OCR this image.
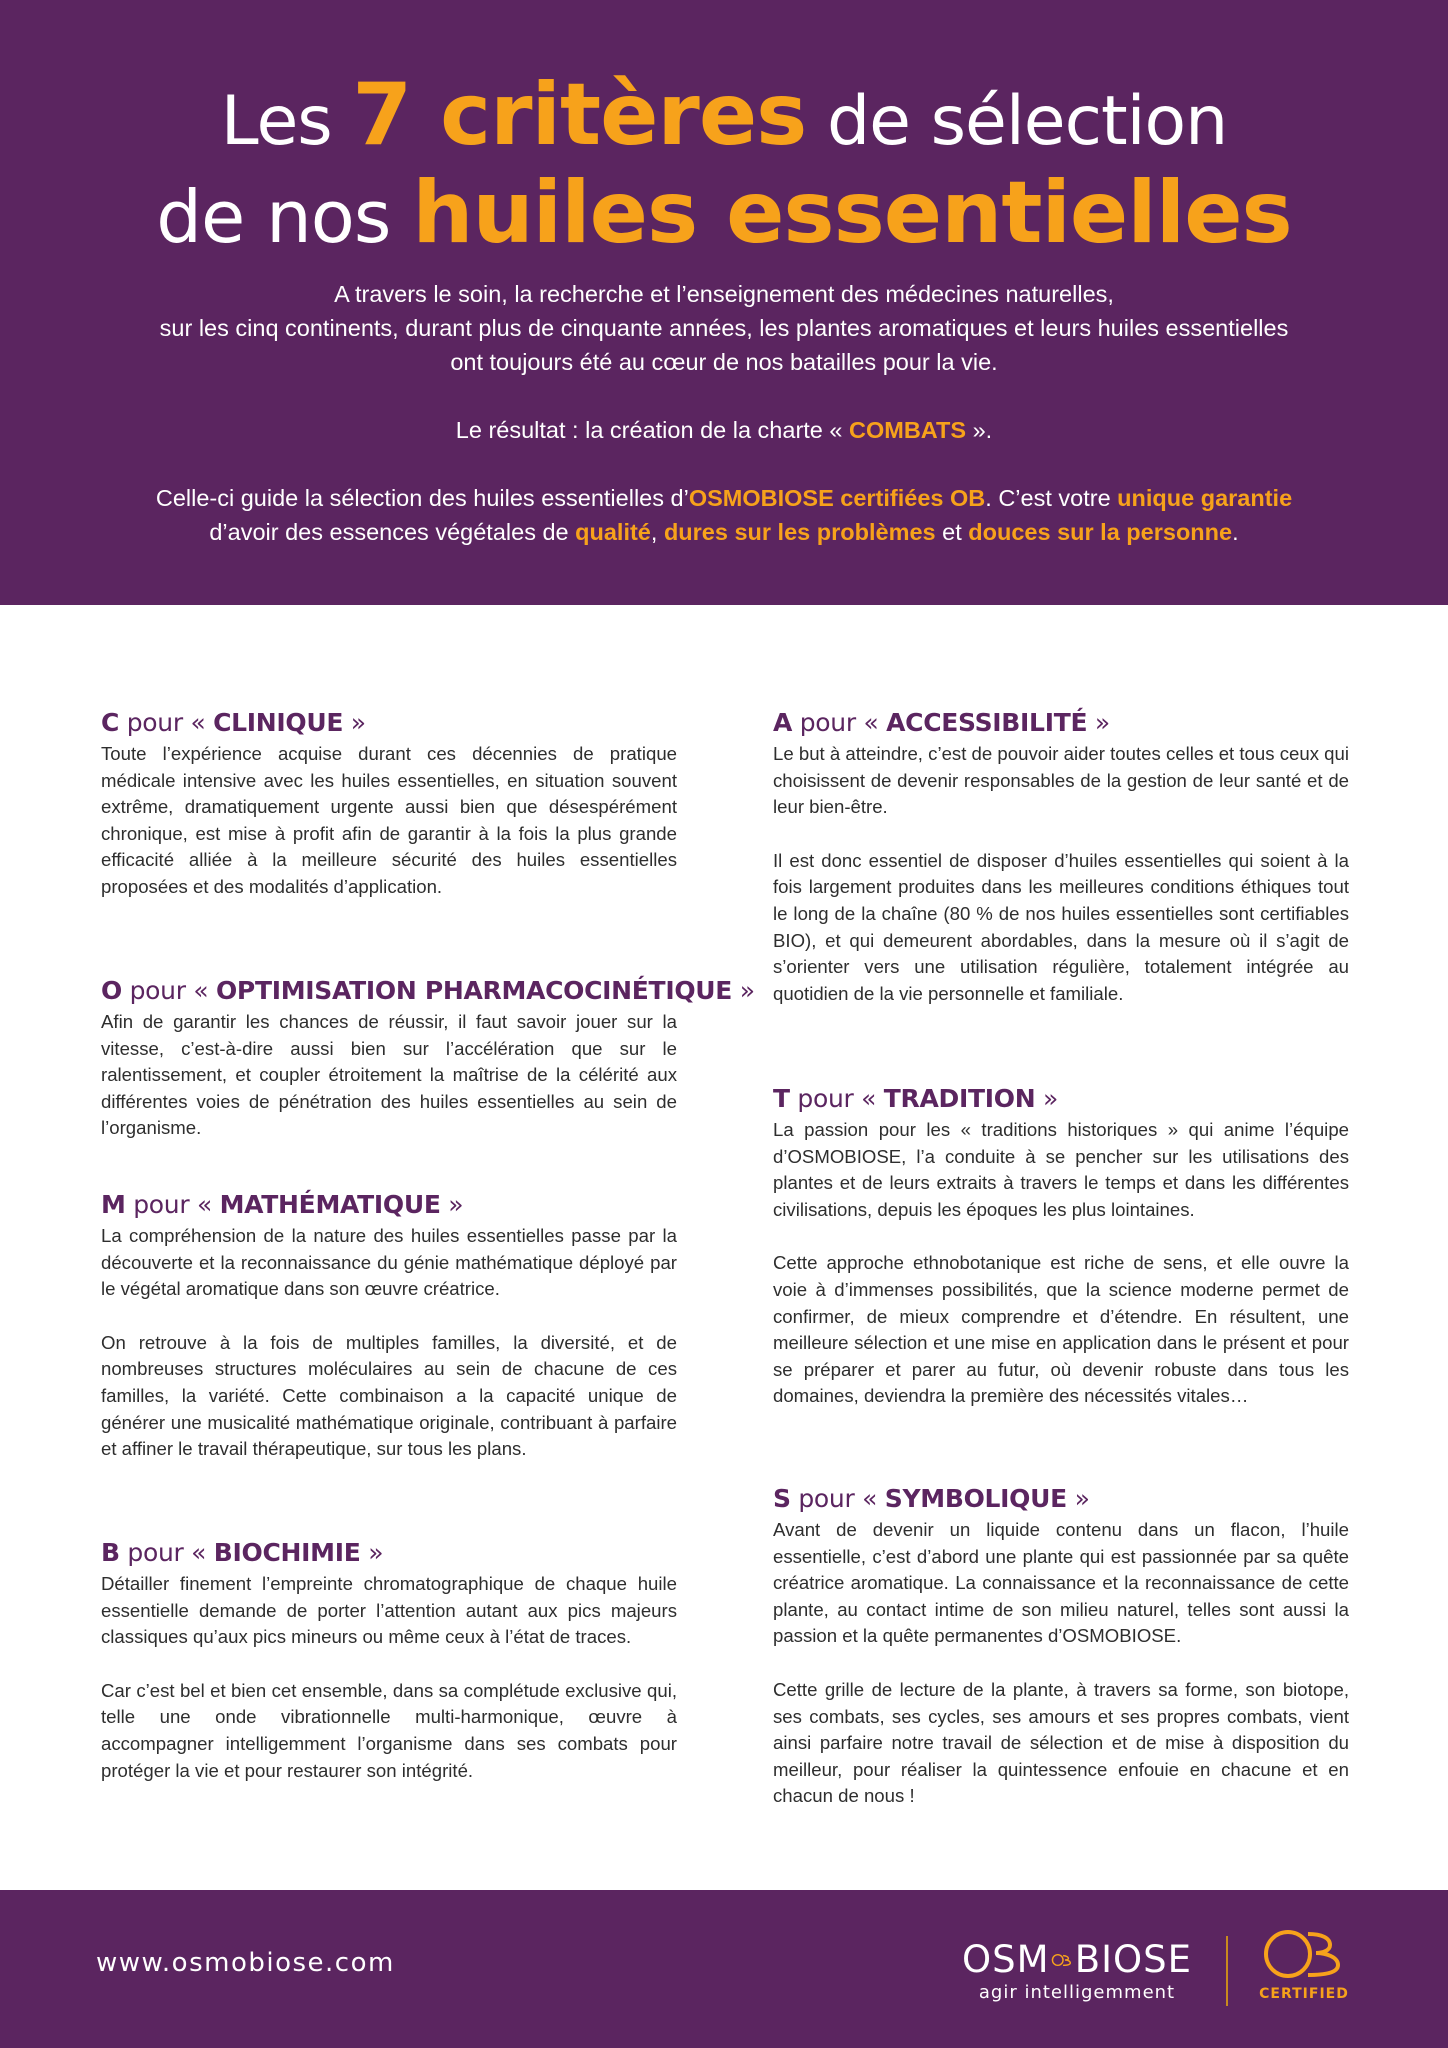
Les 7 critères de sélection
de nos huiles essentielles

A travers le soin, la recherche et l’enseignement des médecines naturelles,

sur les cinq continents, durant plus de cinquante années, les plantes aromatiques et leurs huiles essentielles

ont toujours été au cœur de nos batailles pour la vie.

Le résultat : la création de la charte « COMBATS ».

Celle-ci guide la sélection des huiles essentielles d’OSMOBIOSE certifiées OB. C’est votre unique garantie

d’avoir des essences végétales de qualité, dures sur les problèmes et douces sur la personne.

C pour « CLINIQUE »

Toute l’expérience acquise durant ces décennies de pratique médicale intensive avec les huiles essentielles, en situation souvent extrême, dramatiquement urgente aussi bien que désespérément chronique, est mise à profit afin de garantir à la fois la plus grande efficacité alliée à la meilleure sécurité des huiles essentielles proposées et des modalités d’application.

O pour « OPTIMISATION PHARMACOCINÉTIQUE »

Afin de garantir les chances de réussir, il faut savoir jouer sur la vitesse, c’est-à-dire aussi bien sur l’accélération que sur le ralentissement, et coupler étroitement la maîtrise de la célérité aux différentes voies de pénétration des huiles essentielles au sein de l’organisme.

M pour « MATHÉMATIQUE »

La compréhension de la nature des huiles essentielles passe par la découverte et la reconnaissance du génie mathématique déployé par le végétal aromatique dans son œuvre créatrice.

On retrouve à la fois de multiples familles, la diversité, et de nombreuses structures moléculaires au sein de chacune de ces familles, la variété. Cette combinaison a la capacité unique de générer une musicalité mathématique originale, contribuant à parfaire et affiner le travail thérapeutique, sur tous les plans.

B pour « BIOCHIMIE »

Détailler finement l’empreinte chromatographique de chaque huile essentielle demande de porter l’attention autant aux pics majeurs classiques qu’aux pics mineurs ou même ceux à l’état de traces.

Car c’est bel et bien cet ensemble, dans sa complétude exclusive qui, telle une onde vibrationnelle multi-harmonique, œuvre à accompagner intelligemment l’organisme dans ses combats pour protéger la vie et pour restaurer son intégrité.

A pour « ACCESSIBILITÉ »

Le but à atteindre, c’est de pouvoir aider toutes celles et tous ceux qui choisissent de devenir responsables de la gestion de leur santé et de leur bien-être.

Il est donc essentiel de disposer d’huiles essentielles qui soient à la fois largement produites dans les meilleures conditions éthiques tout le long de la chaîne (80 % de nos huiles essentielles sont certifiables BIO), et qui demeurent abordables, dans la mesure où il s’agit de s’orienter vers une utilisation régulière, totalement intégrée au quotidien de la vie personnelle et familiale.

T pour « TRADITION »

La passion pour les « traditions historiques » qui anime l’équipe d’OSMOBIOSE, l’a conduite à se pencher sur les utilisations des plantes et de leurs extraits à travers le temps et dans les différentes civilisations, depuis les époques les plus lointaines.

Cette approche ethnobotanique est riche de sens, et elle ouvre la voie à d’immenses possibilités, que la science moderne permet de confirmer, de mieux comprendre et d’étendre. En résultent, une meilleure sélection et une mise en application dans le présent et pour se préparer et parer au futur, où devenir robuste dans tous les domaines, deviendra la première des nécessités vitales…

S pour « SYMBOLIQUE »

Avant de devenir un liquide contenu dans un flacon, l’huile essentielle, c’est d’abord une plante qui est passionnée par sa quête créatrice aromatique. La connaissance et la reconnaissance de cette plante, au contact intime de son milieu naturel, telles sont aussi la passion et la quête permanentes d’OSMOBIOSE.

Cette grille de lecture de la plante, à travers sa forme, son biotope, ses combats, ses cycles, ses amours et ses propres combats, vient ainsi parfaire notre travail de sélection et de mise à disposition du meilleur, pour réaliser la quintessence enfouie en chacune et en chacun de nous !

www.osmobiose.com	OSM BIOSE
agir intelligemment	CERTIFIED
